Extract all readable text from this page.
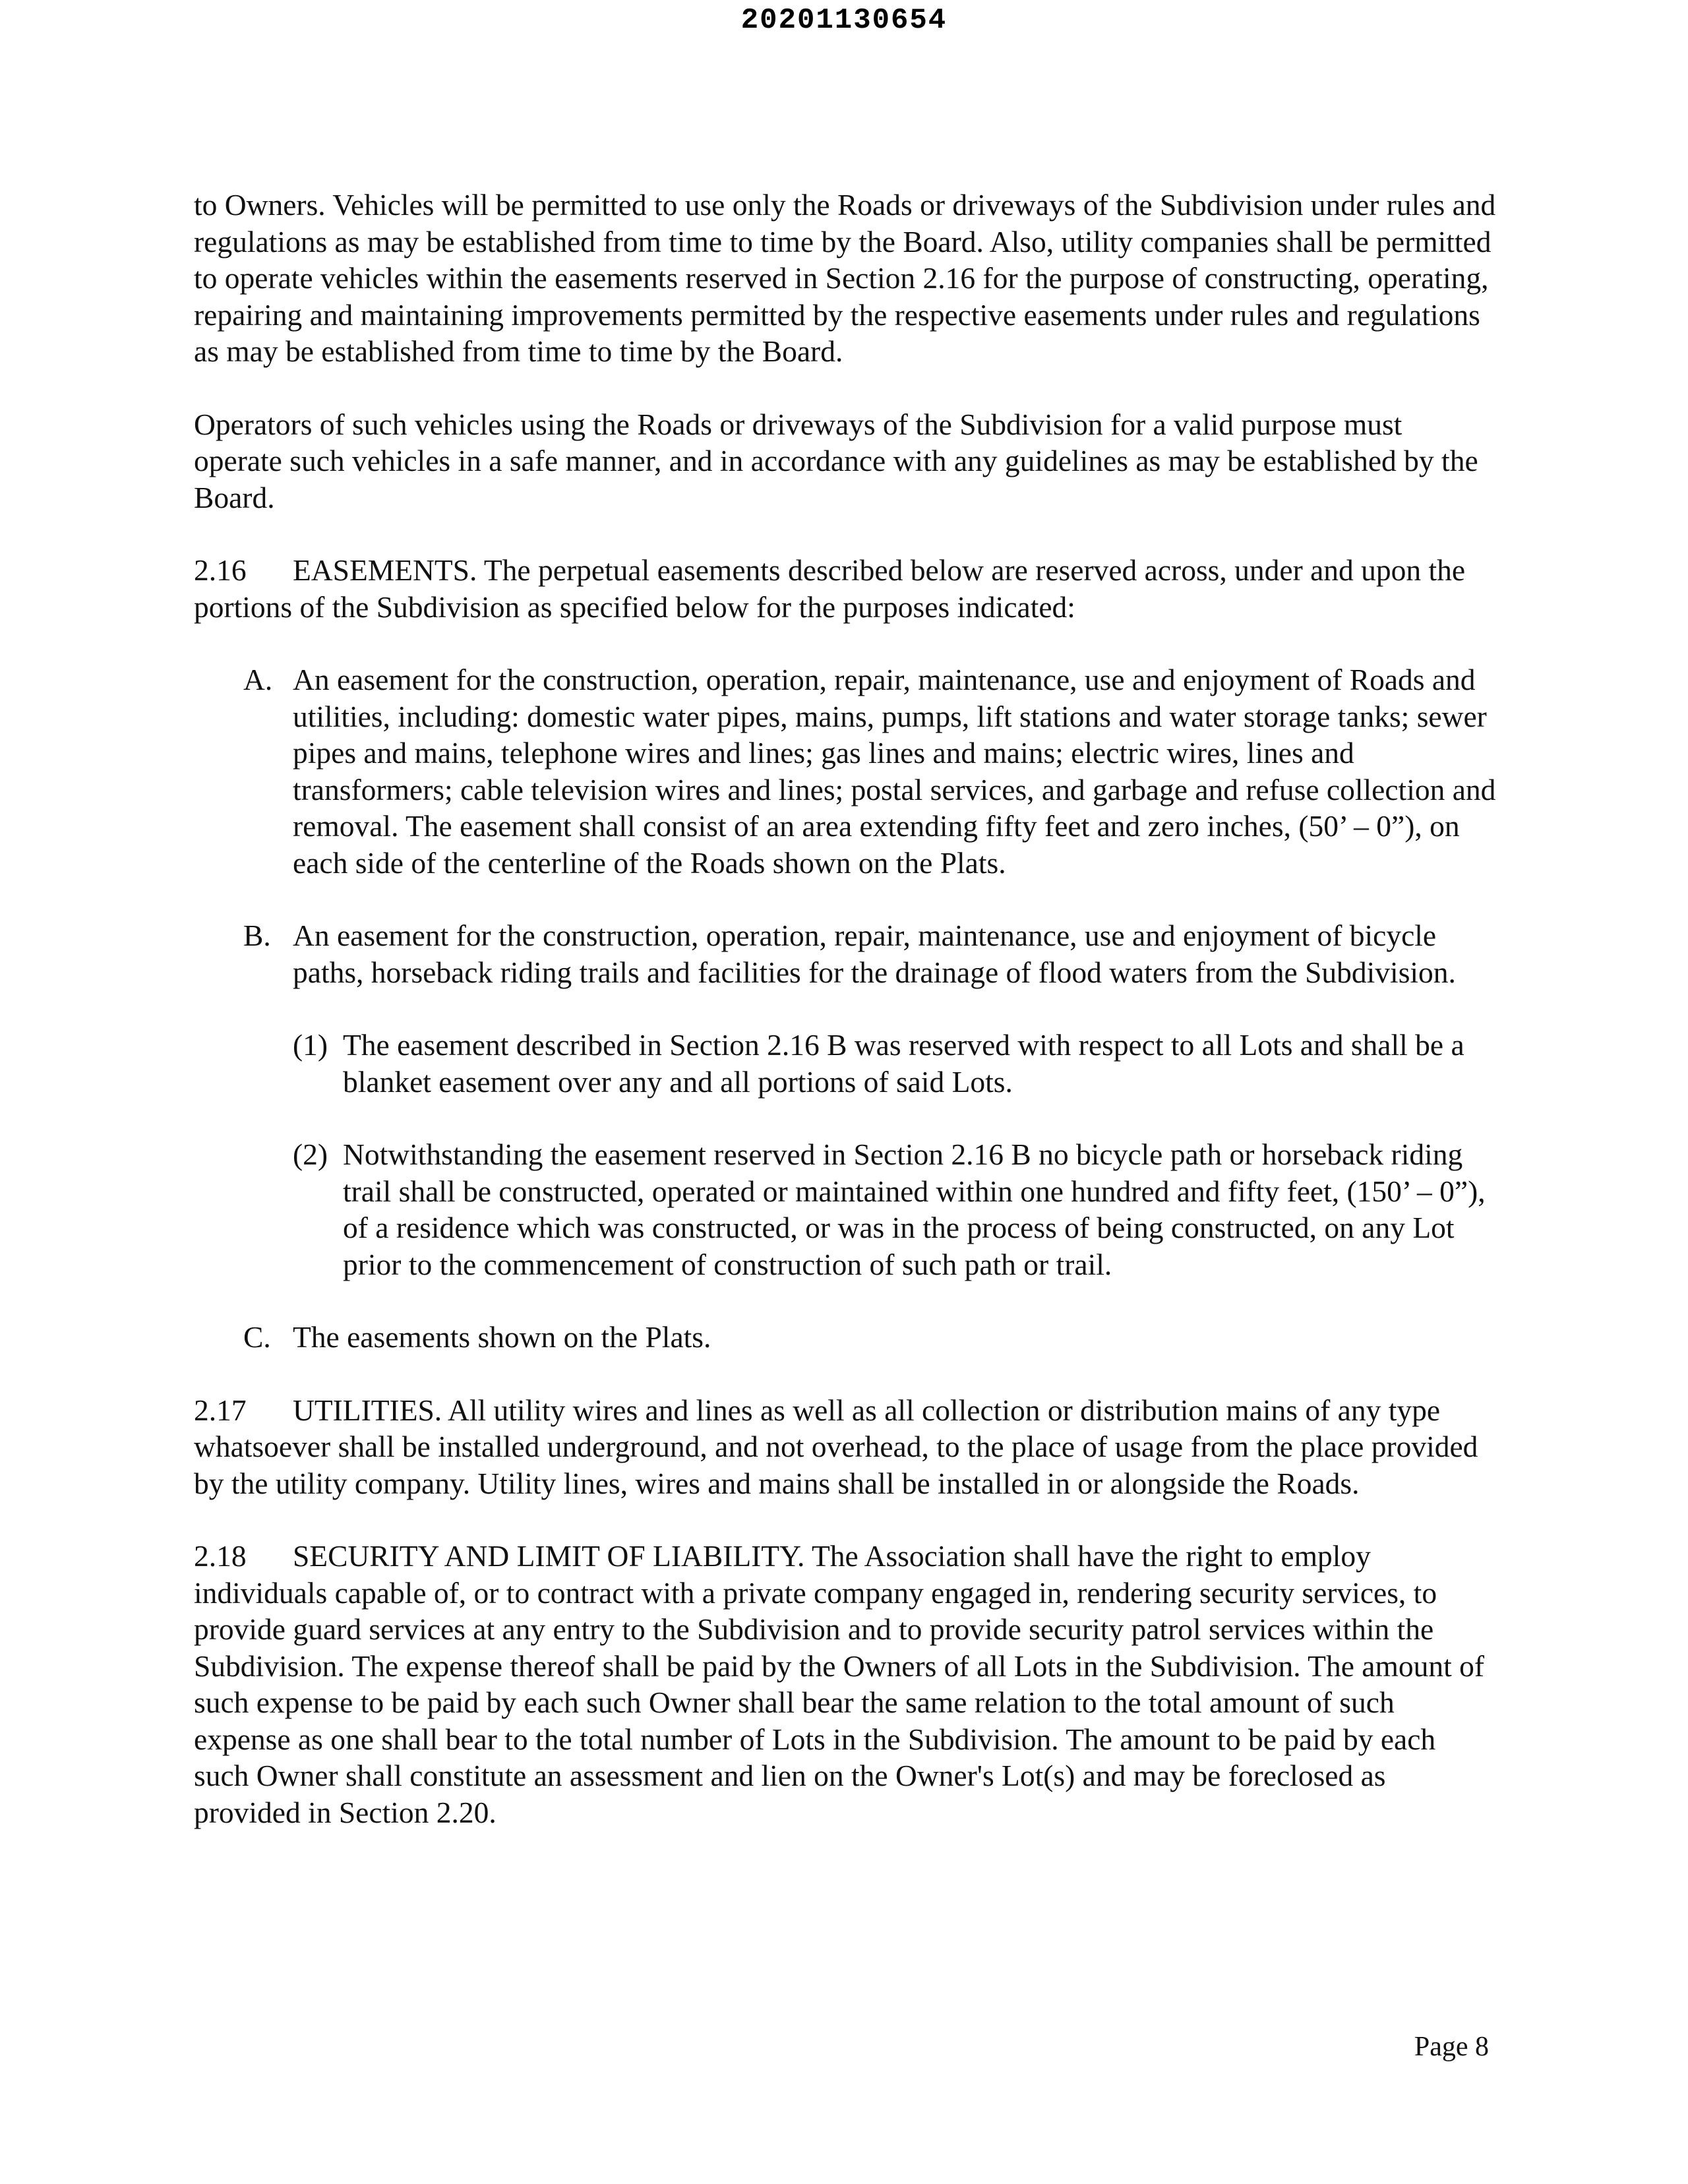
20201130654

to Owners. Vehicles will be permitted to use only the Roads or driveways of the Subdivision under rules and regulations as may be established from time to time by the Board. Also, utility companies shall be permitted to operate vehicles within the easements reserved in Section 2.16 for the purpose of constructing, operating, repairing and maintaining improvements permitted by the respective easements under rules and regulations as may be established from time to time by the Board.

Operators of such vehicles using the Roads or driveways of the Subdivision for a valid purpose must operate such vehicles in a safe manner, and in accordance with any guidelines as may be established by the Board.

2.16 EASEMENTS. The perpetual easements described below are reserved across, under and upon the portions of the Subdivision as specified below for the purposes indicated:

A. An easement for the construction, operation, repair, maintenance, use and enjoyment of Roads and utilities, including: domestic water pipes, mains, pumps, lift stations and water storage tanks; sewer pipes and mains, telephone wires and lines; gas lines and mains; electric wires, lines and transformers; cable television wires and lines; postal services, and garbage and refuse collection and removal. The easement shall consist of an area extending fifty feet and zero inches, (50’ – 0”), on each side of the centerline of the Roads shown on the Plats.
B. An easement for the construction, operation, repair, maintenance, use and enjoyment of bicycle paths, horseback riding trails and facilities for the drainage of flood waters from the Subdivision.
(1) The easement described in Section 2.16 B was reserved with respect to all Lots and shall be a blanket easement over any and all portions of said Lots.
(2) Notwithstanding the easement reserved in Section 2.16 B no bicycle path or horseback riding trail shall be constructed, operated or maintained within one hundred and fifty feet, (150’ – 0”), of a residence which was constructed, or was in the process of being constructed, on any Lot prior to the commencement of construction of such path or trail.
C. The easements shown on the Plats.

2.17 UTILITIES. All utility wires and lines as well as all collection or distribution mains of any type whatsoever shall be installed underground, and not overhead, to the place of usage from the place provided by the utility company. Utility lines, wires and mains shall be installed in or alongside the Roads.

2.18 SECURITY AND LIMIT OF LIABILITY. The Association shall have the right to employ individuals capable of, or to contract with a private company engaged in, rendering security services, to provide guard services at any entry to the Subdivision and to provide security patrol services within the Subdivision. The expense thereof shall be paid by the Owners of all Lots in the Subdivision. The amount of such expense to be paid by each such Owner shall bear the same relation to the total amount of such expense as one shall bear to the total number of Lots in the Subdivision. The amount to be paid by each such Owner shall constitute an assessment and lien on the Owner's Lot(s) and may be foreclosed as provided in Section 2.20.

Page 8
